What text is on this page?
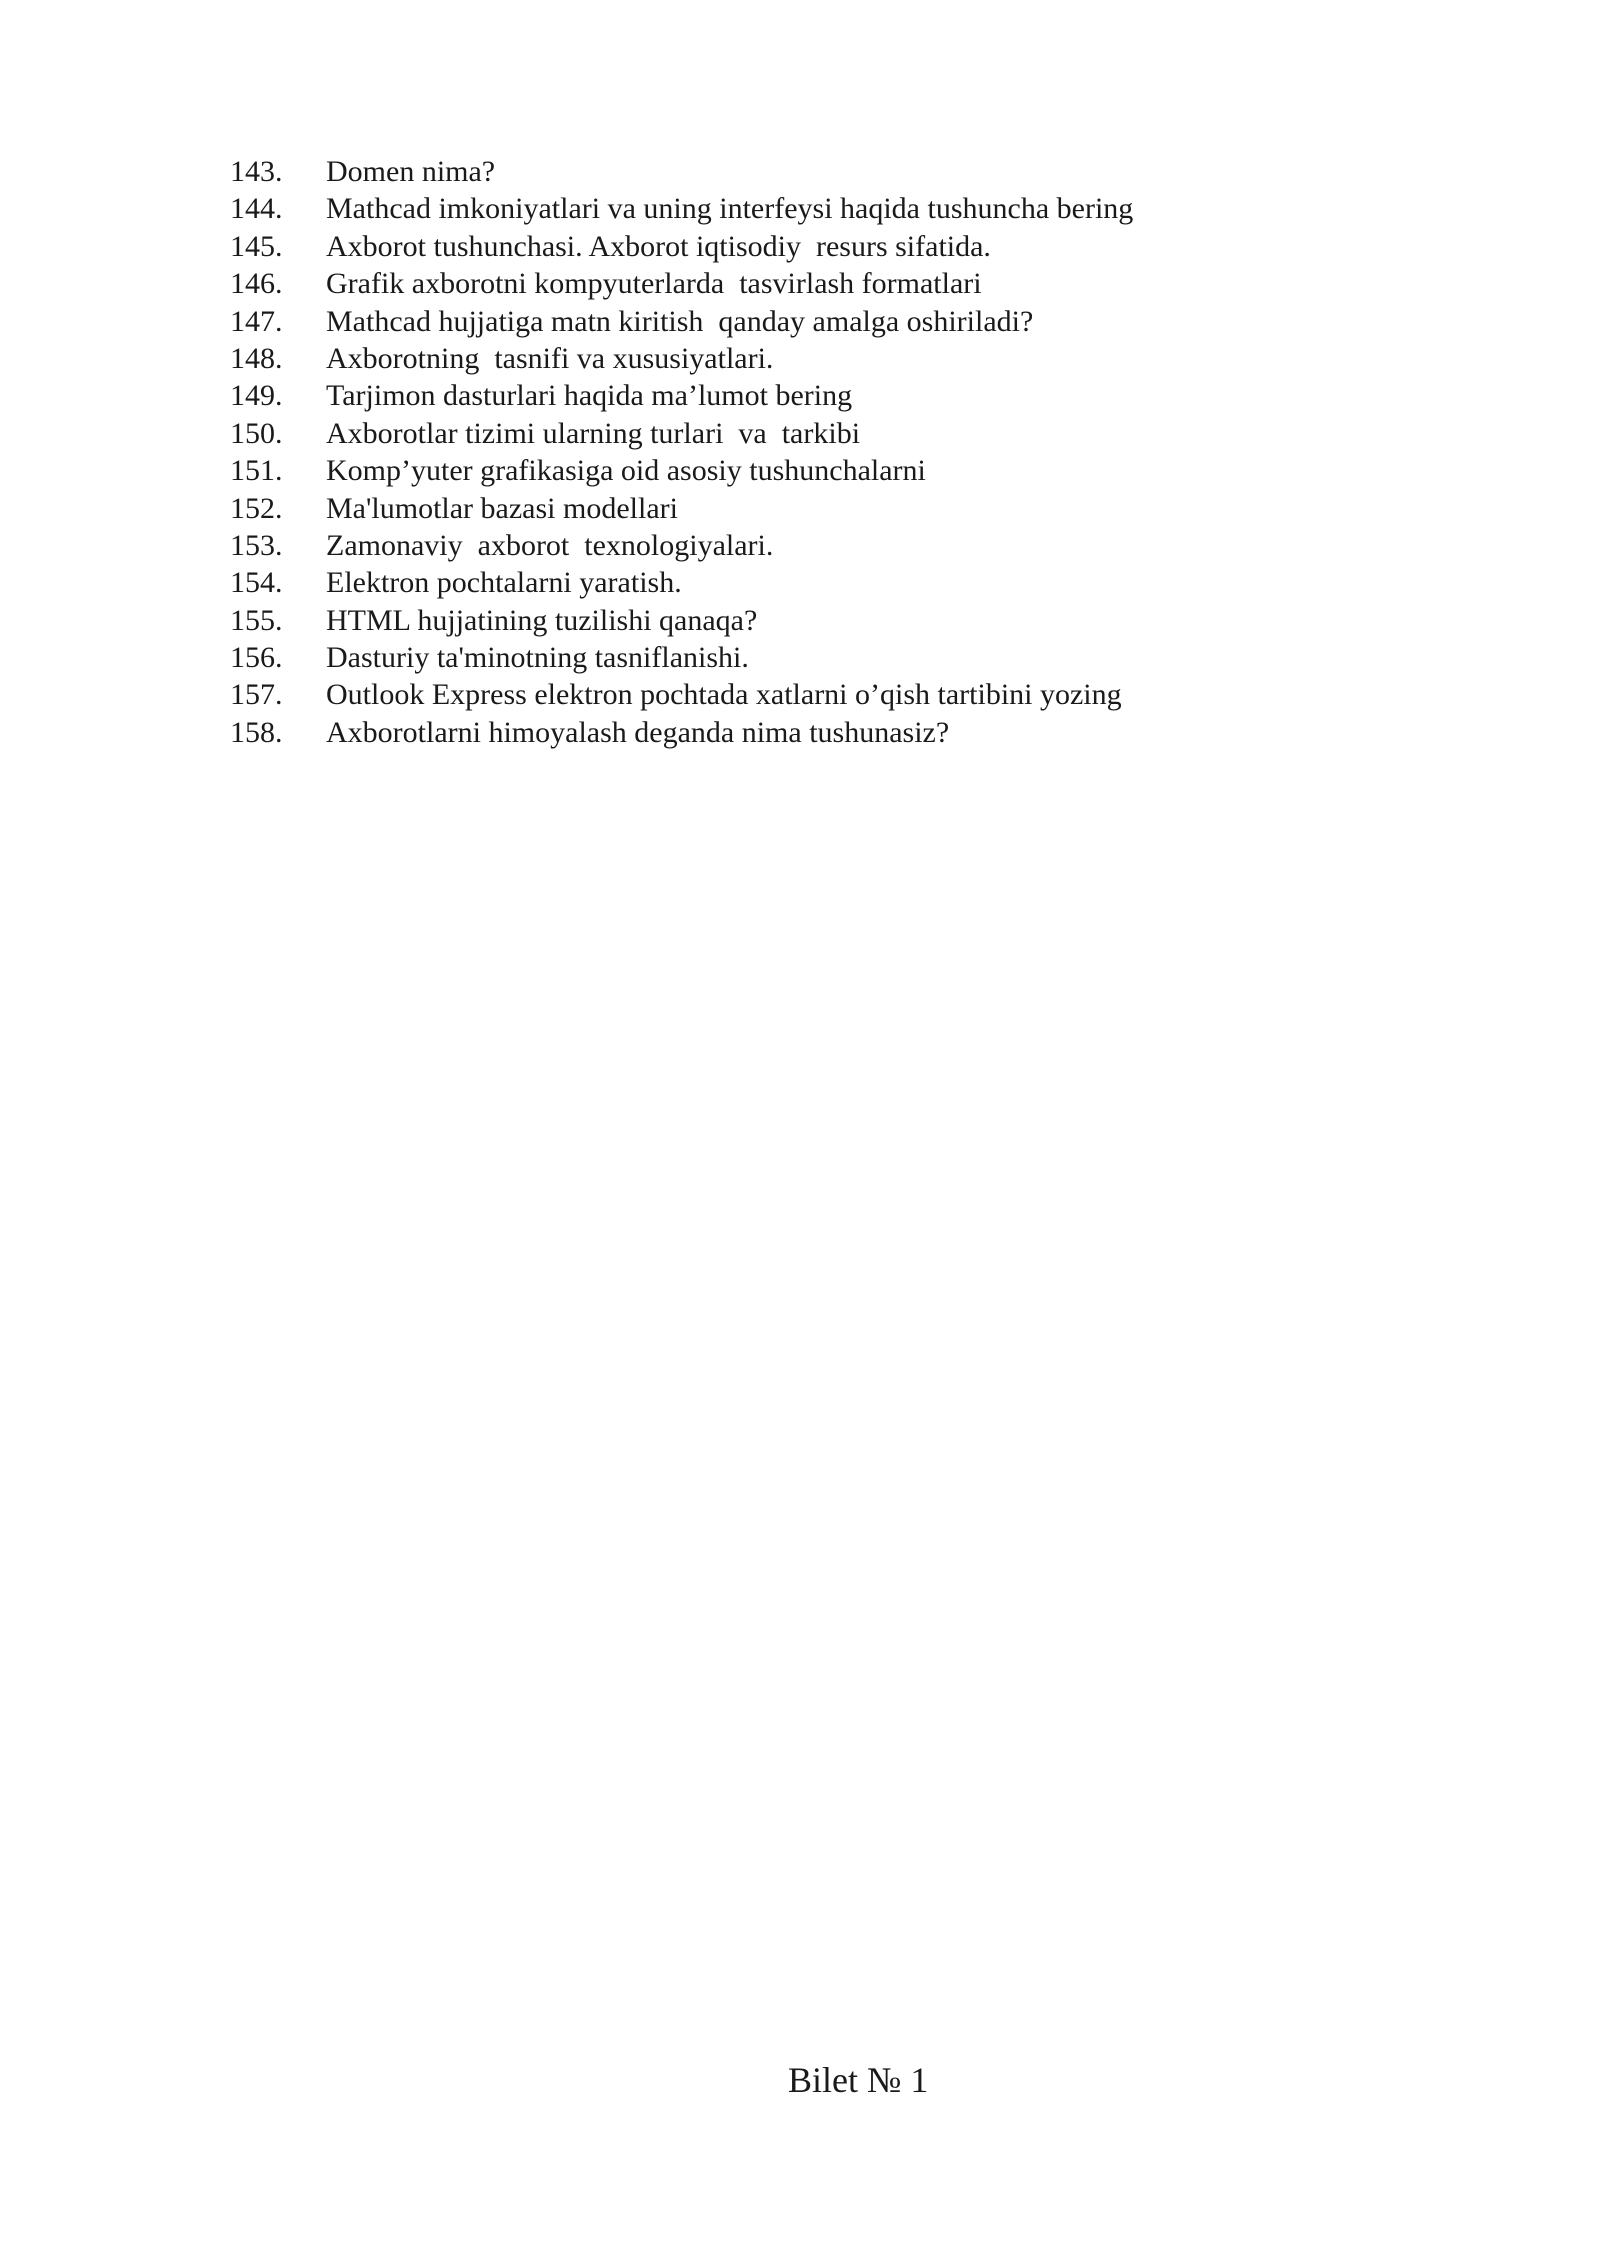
143.	Domen nima?
144.	Mathcad imkoniyatlari va uning interfeysi haqida tushuncha bering
145.	Axborot tushunchasi. Axborot iqtisodiy  resurs sifatida.
146.	Grafik axborotni kompyuterlarda  tasvirlash formatlari
147.	Mathcad hujjatiga matn kiritish  qanday amalga oshiriladi?
148.	Axborotning  tasnifi va xususiyatlari.
149.	Tarjimon dasturlari haqida ma’lumot bering
150.	Axborotlar tizimi ularning turlari  va  tarkibi
151.	Komp’yuter grafikasiga oid asosiy tushunchalarni
152.	Ma'lumotlar bazasi modellari
153.	Zamonaviy  axborot  texnologiyalari.
154.	Elektron pochtalarni yaratish.
155.	HTML hujjatining tuzilishi qanaqa?
156.	Dasturiy ta'minotning tasniflanishi.
157.	Outlook Express elektron pochtada xatlarni o’qish tartibini yozing
158.	Axborotlarni himoyalash deganda nima tushunasiz?
Bilet № 1
